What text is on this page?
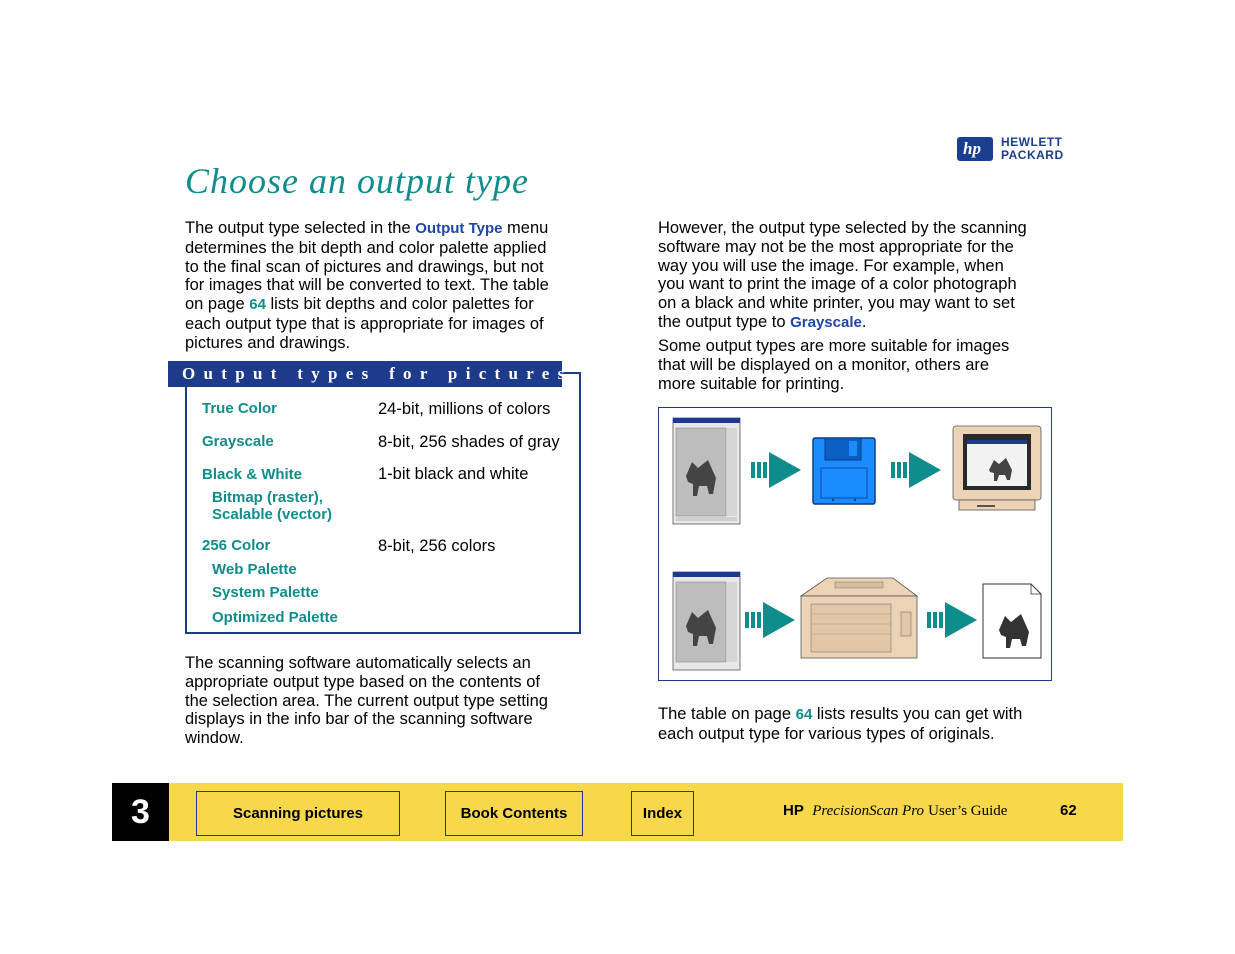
hp HEWLETT
PACKARD
Choose an output type
The output type selected in the Output Type menu
determines the bit depth and color palette applied
to the final scan of pictures and drawings, but not
for images that will be converted to text. The table
on page 64 lists bit depths and color palettes for
each output type that is appropriate for images of
pictures and drawings.
Output types for pictures
True Color	24-bit, millions of colors
Grayscale	8-bit, 256 shades of gray
Black & White	1-bit black and white
Bitmap (raster),
Scalable (vector)
256 Color	8-bit, 256 colors
Web Palette
System Palette
Optimized Palette
The scanning software automatically selects an
appropriate output type based on the contents of
the selection area. The current output type setting
displays in the info bar of the scanning software
window.
However, the output type selected by the scanning
software may not be the most appropriate for the
way you will use the image. For example, when
you want to print the image of a color photograph
on a black and white printer, you may want to set
the output type to Grayscale.
Some output types are more suitable for images
that will be displayed on a monitor, others are
more suitable for printing.
The table on page 64 lists results you can get with
each output type for various types of originals.
3	Scanning pictures	Book Contents	Index	HP PrecisionScan Pro User’s Guide	62
